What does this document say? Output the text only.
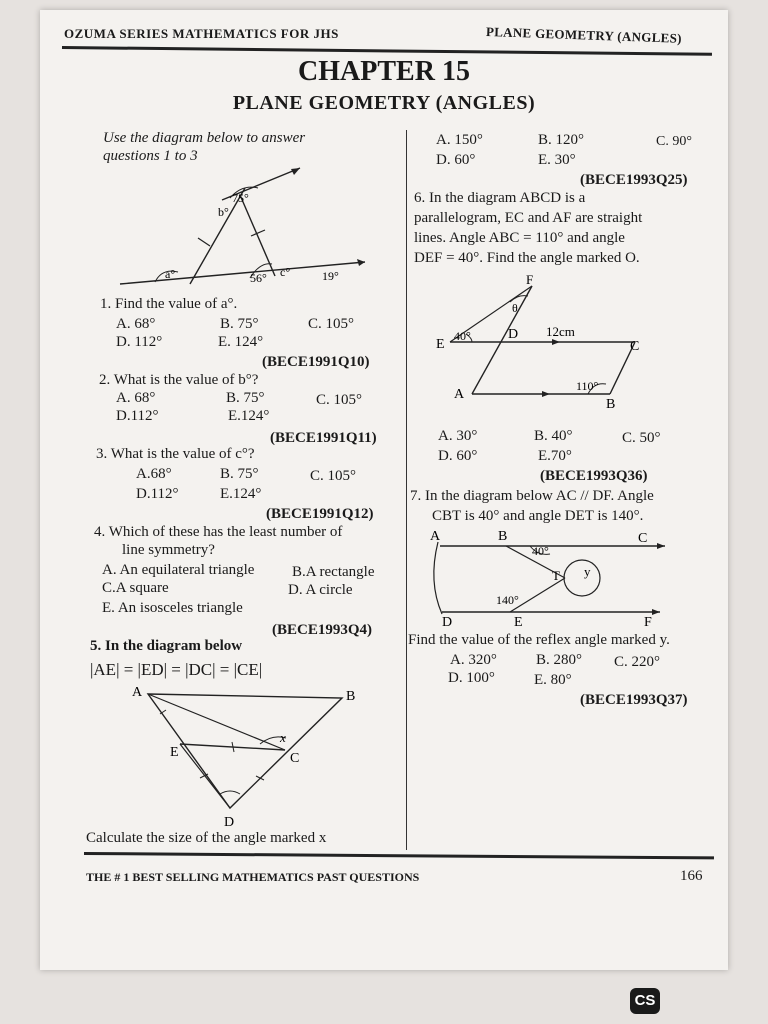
OZUMA SERIES MATHEMATICS FOR JHS	PLANE GEOMETRY (ANGLES)
CHAPTER 15
PLANE GEOMETRY (ANGLES)
Use the diagram below to answer
questions 1 to 3
75°
b°
a°	56° c°	19°
1. Find the value of a°.
A. 68°	B. 75°	C. 105°
D. 112°	E. 124°
(BECE1991Q10)
2. What is the value of b°?
A. 68°	B. 75°	C. 105°
D.112°	E.124°
(BECE1991Q11)
3. What is the value of c°?
A.68°	B. 75°	C. 105°
D.112°	E.124°
(BECE1991Q12)
4. Which of these has the least number of
line symmetry?
A. An equilateral triangle	B.A rectangle
C.A square	D. A circle
E. An isosceles triangle
(BECE1993Q4)
5. In the diagram below
|AE| = |ED| = |DC| = |CE|
A	B
E	C
D
x
Calculate the size of the angle marked x
A. 150°	B. 120°	C. 90°
D. 60°	E. 30°
(BECE1993Q25)
6. In the diagram ABCD is a
parallelogram, EC and AF are straight
lines. Angle ABC = 110° and angle
DEF = 40°. Find the angle marked O.
F
θ
E
40°	D 12cm
C
A
110°
B
A. 30°	B. 40°	C. 50°
D. 60°	E.70°
(BECE1993Q36)
7. In the diagram below AC // DF. Angle
CBT is 40° and angle DET is 140°.
A	B	C
40°
T y
140°
D	E	F
Find the value of the reflex angle marked y.
A. 320°	B. 280° C. 220°
D. 100°	E. 80°
(BECE1993Q37)
THE # 1 BEST SELLING MATHEMATICS PAST QUESTIONS	166
CS
